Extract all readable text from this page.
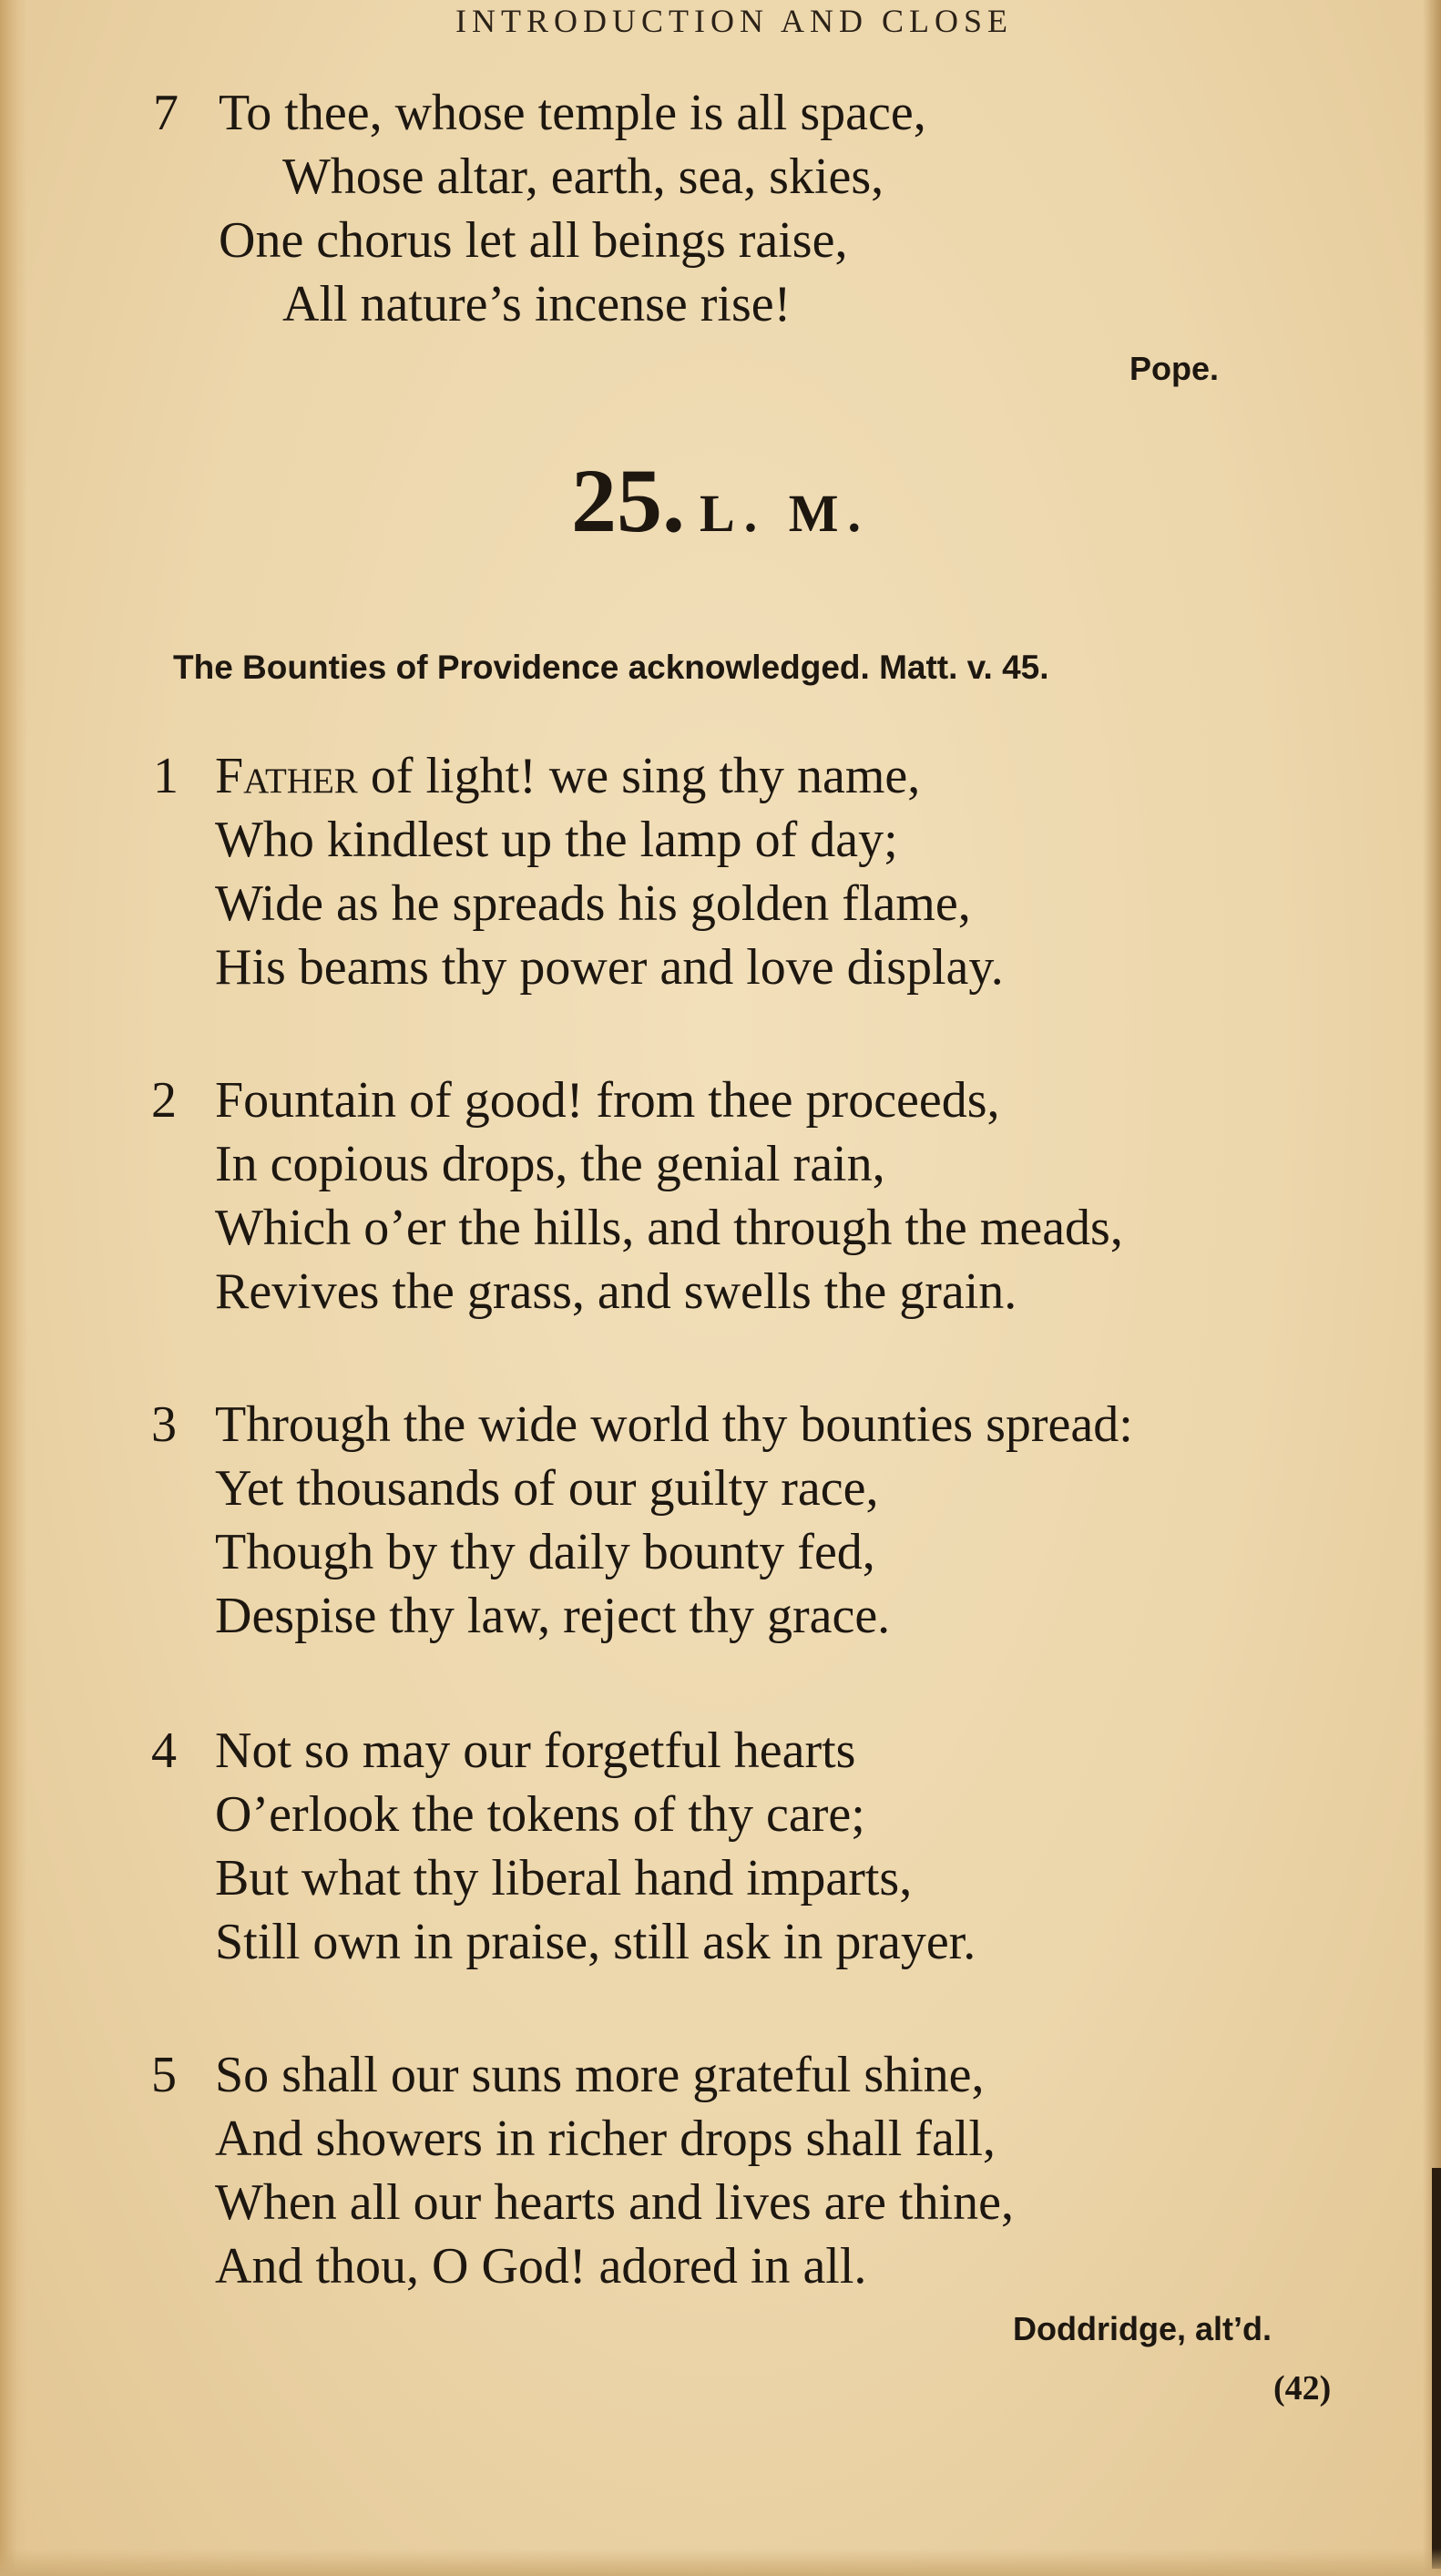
INTRODUCTION AND CLOSE
7 To thee, whose temple is all space,
Whose altar, earth, sea, skies,
One chorus let all beings raise,
All nature’s incense rise!
Pope.
25. L. M.
The Bounties of Providence acknowledged. Matt. v. 45.
1 Father of light! we sing thy name,
Who kindlest up the lamp of day;
Wide as he spreads his golden flame,
His beams thy power and love display.
2 Fountain of good! from thee proceeds,
In copious drops, the genial rain,
Which o’er the hills, and through the meads,
Revives the grass, and swells the grain.
3 Through the wide world thy bounties spread:
Yet thousands of our guilty race,
Though by thy daily bounty fed,
Despise thy law, reject thy grace.
4 Not so may our forgetful hearts
O’erlook the tokens of thy care;
But what thy liberal hand imparts,
Still own in praise, still ask in prayer.
5 So shall our suns more grateful shine,
And showers in richer drops shall fall,
When all our hearts and lives are thine,
And thou, O God! adored in all.
Doddridge, alt’d.
(42)
